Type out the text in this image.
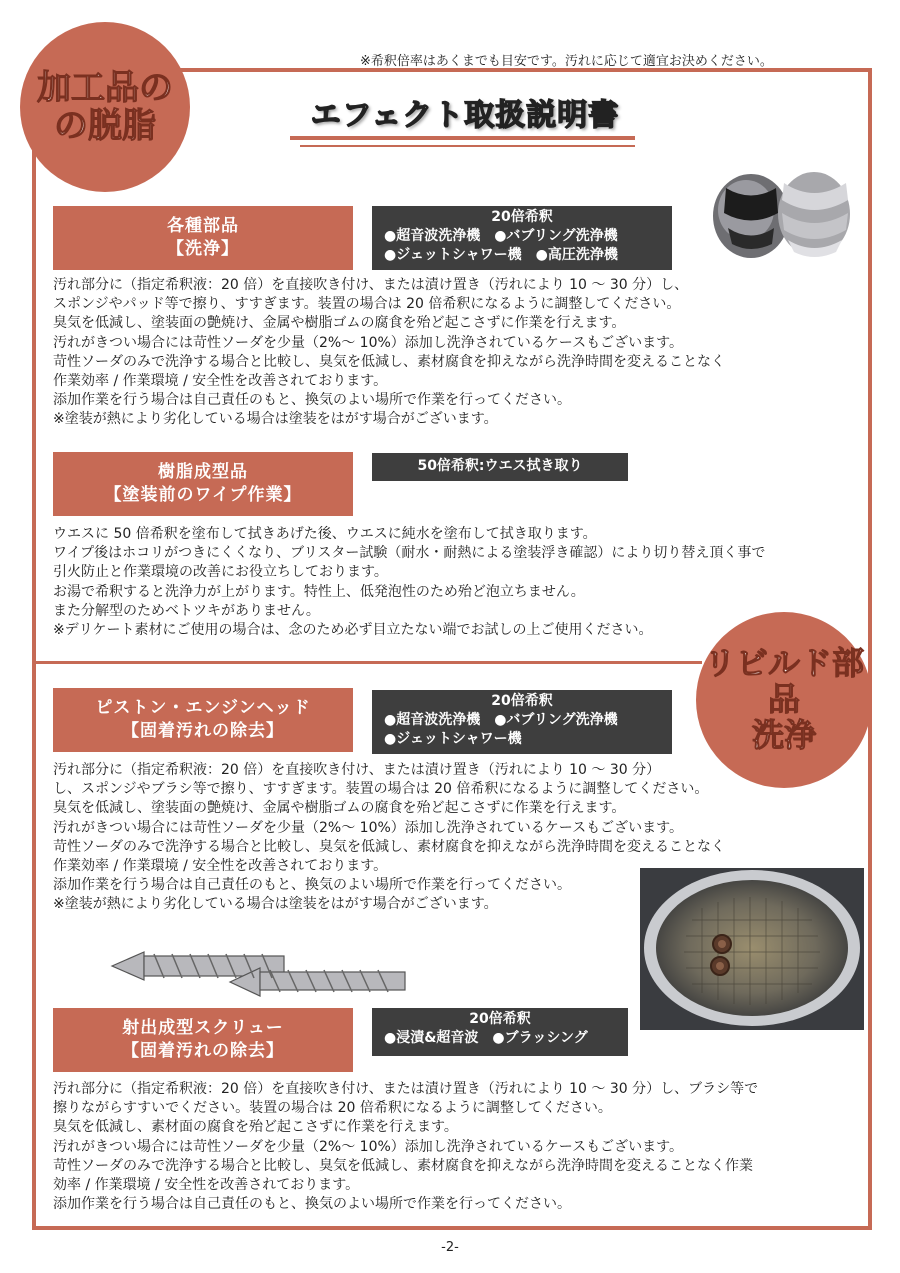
※希釈倍率はあくまでも目安です。汚れに応じて適宜お決めください。
加工品の
の脱脂	エフェクト取扱説明書
各種部品
【洗浄】
20倍希釈
●超音波洗浄機　●バブリング洗浄機
●ジェットシャワー機　●高圧洗浄機
汚れ部分に（指定希釈液：20 倍）を直接吹き付け、または漬け置き（汚れにより 10 ～ 30 分）し、
スポンジやパッド等で擦り、すすぎます。装置の場合は 20 倍希釈になるように調整してください。
臭気を低減し、塗装面の艶焼け、金属や樹脂ゴムの腐食を殆ど起こさずに作業を行えます。
汚れがきつい場合には苛性ソーダを少量（2%～ 10%）添加し洗浄されているケースもございます。
苛性ソーダのみで洗浄する場合と比較し、臭気を低減し、素材腐食を抑えながら洗浄時間を変えることなく
作業効率 / 作業環境 / 安全性を改善されております。
添加作業を行う場合は自己責任のもと、換気のよい場所で作業を行ってください。
※塗装が熱により劣化している場合は塗装をはがす場合がございます。
樹脂成型品
【塗装前のワイプ作業】
50倍希釈:ウエス拭き取り
ウエスに 50 倍希釈を塗布して拭きあげた後、ウエスに純水を塗布して拭き取ります。
ワイプ後はホコリがつきにくくなり、ブリスター試験（耐水・耐熱による塗装浮き確認）により切り替え頂く事で
引火防止と作業環境の改善にお役立ちしております。
お湯で希釈すると洗浄力が上がります。特性上、低発泡性のため殆ど泡立ちません。
また分解型のためベトツキがありません。
※デリケート素材にご使用の場合は、念のため必ず目立たない端でお試しの上ご使用ください。
リビルド部品
洗浄
ピストン・エンジンヘッド
【固着汚れの除去】
20倍希釈
●超音波洗浄機　●バブリング洗浄機
●ジェットシャワー機
汚れ部分に（指定希釈液：20 倍）を直接吹き付け、または漬け置き（汚れにより 10 ～ 30 分）
し、スポンジやブラシ等で擦り、すすぎます。装置の場合は 20 倍希釈になるように調整してください。
臭気を低減し、塗装面の艶焼け、金属や樹脂ゴムの腐食を殆ど起こさずに作業を行えます。
汚れがきつい場合には苛性ソーダを少量（2%～ 10%）添加し洗浄されているケースもございます。
苛性ソーダのみで洗浄する場合と比較し、臭気を低減し、素材腐食を抑えながら洗浄時間を変えることなく
作業効率 / 作業環境 / 安全性を改善されております。
添加作業を行う場合は自己責任のもと、換気のよい場所で作業を行ってください。
※塗装が熱により劣化している場合は塗装をはがす場合がございます。
射出成型スクリュー
【固着汚れの除去】
20倍希釈
●浸漬&超音波　●ブラッシング
汚れ部分に（指定希釈液：20 倍）を直接吹き付け、または漬け置き（汚れにより 10 ～ 30 分）し、ブラシ等で
擦りながらすすいでください。装置の場合は 20 倍希釈になるように調整してください。
臭気を低減し、素材面の腐食を殆ど起こさずに作業を行えます。
汚れがきつい場合には苛性ソーダを少量（2%～ 10%）添加し洗浄されているケースもございます。
苛性ソーダのみで洗浄する場合と比較し、臭気を低減し、素材腐食を抑えながら洗浄時間を変えることなく作業
効率 / 作業環境 / 安全性を改善されております。
添加作業を行う場合は自己責任のもと、換気のよい場所で作業を行ってください。
-2-
